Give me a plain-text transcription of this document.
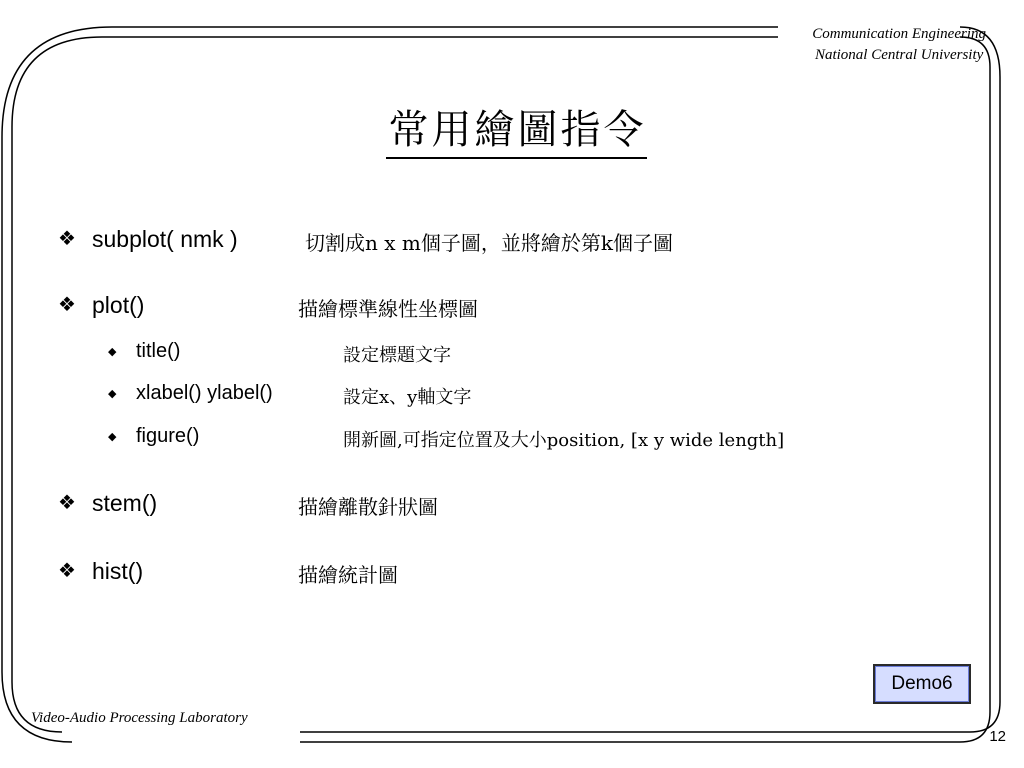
Communication Engineering
National Central University
常用繪圖指令
❖ subplot( nmk )	切割成n x m個子圖，並將繪於第k個子圖
❖ plot()	描繪標準線性坐標圖
◆ title()	設定標題文字
◆ xlabel() ylabel()	設定x、y軸文字
◆ figure()	開新圖,可指定位置及大小position, [x y wide length]
❖ stem()	描繪離散針狀圖
❖ hist()	描繪統計圖
Demo6
Video-Audio Processing Laboratory
12
